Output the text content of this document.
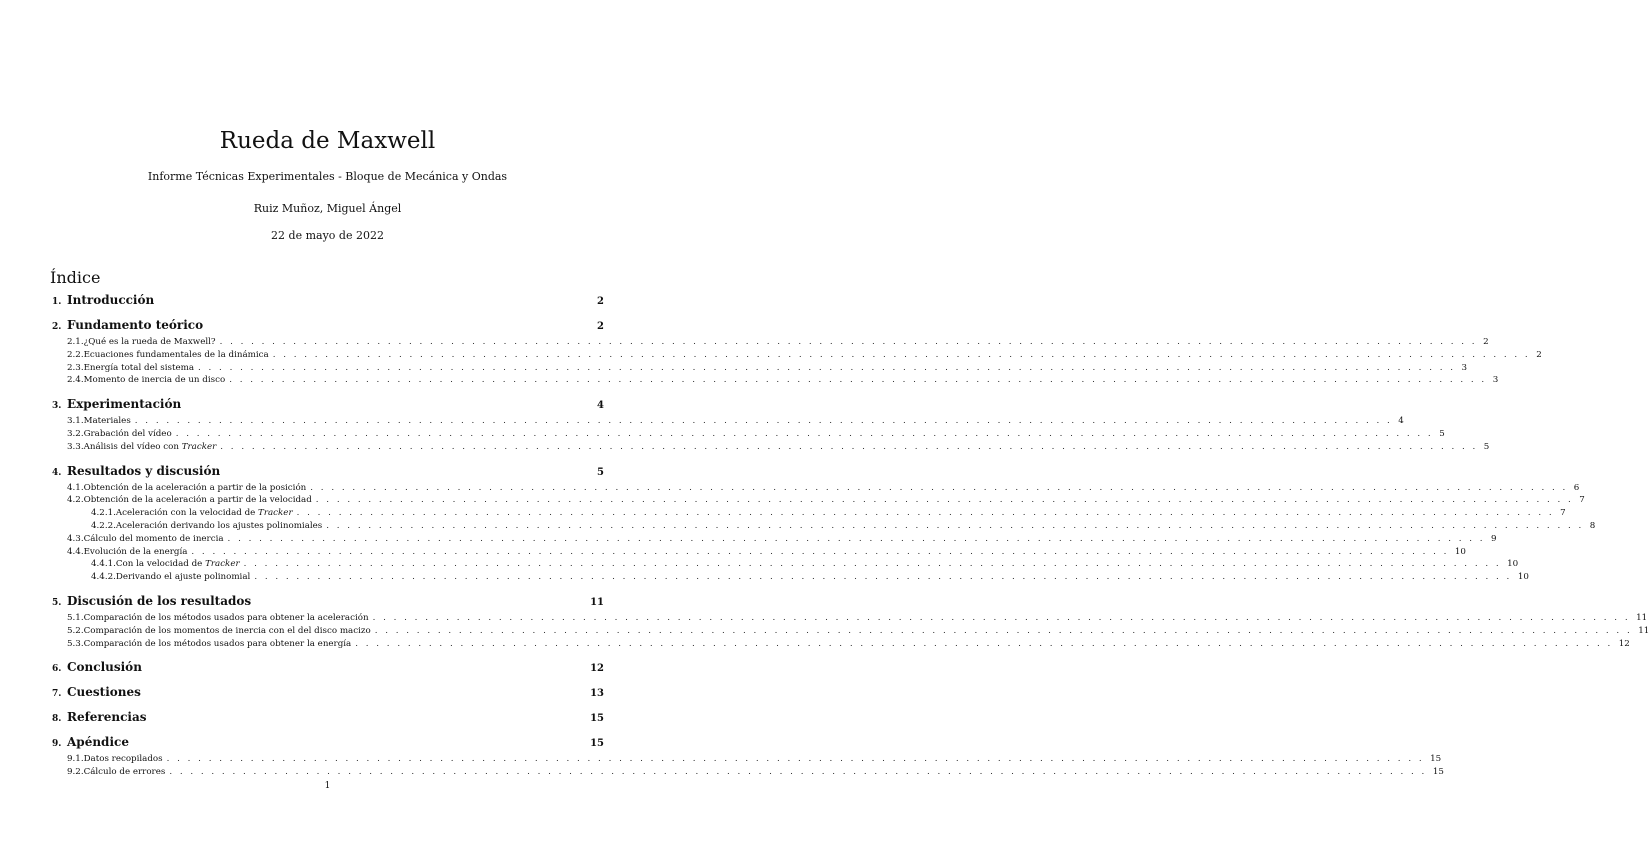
Rueda de Maxwell
Informe Técnicas Experimentales - Bloque de Mecánica y Ondas
Ruiz Muñoz, Miguel Ángel
22 de mayo de 2022
Índice
1. Introducción	2
2. Fundamento teórico	2
2.1. ¿Qué es la rueda de Maxwell? . . . . . . . . . . . . . . . . . . . . . . . . . . . . . . . . . . . . . . . . . . . . . . . . . . . . . . . . . . . . . . . . . . . . . . . . . . . . . . . . . . . . . . . . . . . . . . . . . . . . . . . . . . . . . . . . . . . . . . . . 2
2.2. Ecuaciones fundamentales de la dinámica . . . . . . . . . . . . . . . . . . . . . . . . . . . . . . . . . . . . . . . . . . . . . . . . . . . . . . . . . . . . . . . . . . . . . . . . . . . . . . . . . . . . . . . . . . . . . . . . . . . . . . . . . . . . . . . . . . . . . . . . 2
2.3. Energía total del sistema . . . . . . . . . . . . . . . . . . . . . . . . . . . . . . . . . . . . . . . . . . . . . . . . . . . . . . . . . . . . . . . . . . . . . . . . . . . . . . . . . . . . . . . . . . . . . . . . . . . . . . . . . . . . . . . . . . . . . . . . 3
2.4. Momento de inercia de un disco . . . . . . . . . . . . . . . . . . . . . . . . . . . . . . . . . . . . . . . . . . . . . . . . . . . . . . . . . . . . . . . . . . . . . . . . . . . . . . . . . . . . . . . . . . . . . . . . . . . . . . . . . . . . . . . . . . . . . . . . 3
3. Experimentación	4
3.1. Materiales . . . . . . . . . . . . . . . . . . . . . . . . . . . . . . . . . . . . . . . . . . . . . . . . . . . . . . . . . . . . . . . . . . . . . . . . . . . . . . . . . . . . . . . . . . . . . . . . . . . . . . . . . . . . . . . . . . . . . . . . 4
3.2. Grabación del vídeo . . . . . . . . . . . . . . . . . . . . . . . . . . . . . . . . . . . . . . . . . . . . . . . . . . . . . . . . . . . . . . . . . . . . . . . . . . . . . . . . . . . . . . . . . . . . . . . . . . . . . . . . . . . . . . . . . . . . . . . . 5
3.3. Análisis del vídeo con Tracker . . . . . . . . . . . . . . . . . . . . . . . . . . . . . . . . . . . . . . . . . . . . . . . . . . . . . . . . . . . . . . . . . . . . . . . . . . . . . . . . . . . . . . . . . . . . . . . . . . . . . . . . . . . . . . . . . . . . . . . . 5
4. Resultados y discusión	5
4.1. Obtención de la aceleración a partir de la posición . . . . . . . . . . . . . . . . . . . . . . . . . . . . . . . . . . . . . . . . . . . . . . . . . . . . . . . . . . . . . . . . . . . . . . . . . . . . . . . . . . . . . . . . . . . . . . . . . . . . . . . . . . . . . . . . . . . . . . . . 6
4.2. Obtención de la aceleración a partir de la velocidad . . . . . . . . . . . . . . . . . . . . . . . . . . . . . . . . . . . . . . . . . . . . . . . . . . . . . . . . . . . . . . . . . . . . . . . . . . . . . . . . . . . . . . . . . . . . . . . . . . . . . . . . . . . . . . . . . . . . . . . . 7
4.2.1. Aceleración con la velocidad de Tracker . . . . . . . . . . . . . . . . . . . . . . . . . . . . . . . . . . . . . . . . . . . . . . . . . . . . . . . . . . . . . . . . . . . . . . . . . . . . . . . . . . . . . . . . . . . . . . . . . . . . . . . . . . . . . . . . . . . . . . . . 7
4.2.2. Aceleración derivando los ajustes polinomiales . . . . . . . . . . . . . . . . . . . . . . . . . . . . . . . . . . . . . . . . . . . . . . . . . . . . . . . . . . . . . . . . . . . . . . . . . . . . . . . . . . . . . . . . . . . . . . . . . . . . . . . . . . . . . . . . . . . . . . . . 8
4.3. Cálculo del momento de inercia . . . . . . . . . . . . . . . . . . . . . . . . . . . . . . . . . . . . . . . . . . . . . . . . . . . . . . . . . . . . . . . . . . . . . . . . . . . . . . . . . . . . . . . . . . . . . . . . . . . . . . . . . . . . . . . . . . . . . . . . 9
4.4. Evolución de la energía . . . . . . . . . . . . . . . . . . . . . . . . . . . . . . . . . . . . . . . . . . . . . . . . . . . . . . . . . . . . . . . . . . . . . . . . . . . . . . . . . . . . . . . . . . . . . . . . . . . . . . . . . . . . . . . . . . . . . . . . 10
4.4.1. Con la velocidad de Tracker . . . . . . . . . . . . . . . . . . . . . . . . . . . . . . . . . . . . . . . . . . . . . . . . . . . . . . . . . . . . . . . . . . . . . . . . . . . . . . . . . . . . . . . . . . . . . . . . . . . . . . . . . . . . . . . . . . . . . . . . 10
4.4.2. Derivando el ajuste polinomial . . . . . . . . . . . . . . . . . . . . . . . . . . . . . . . . . . . . . . . . . . . . . . . . . . . . . . . . . . . . . . . . . . . . . . . . . . . . . . . . . . . . . . . . . . . . . . . . . . . . . . . . . . . . . . . . . . . . . . . . 10
5. Discusión de los resultados	11
5.1. Comparación de los métodos usados para obtener la aceleración . . . . . . . . . . . . . . . . . . . . . . . . . . . . . . . . . . . . . . . . . . . . . . . . . . . . . . . . . . . . . . . . . . . . . . . . . . . . . . . . . . . . . . . . . . . . . . . . . . . . . . . . . . . . . . . . . . . . . . . . 11
5.2. Comparación de los momentos de inercia con el del disco macizo . . . . . . . . . . . . . . . . . . . . . . . . . . . . . . . . . . . . . . . . . . . . . . . . . . . . . . . . . . . . . . . . . . . . . . . . . . . . . . . . . . . . . . . . . . . . . . . . . . . . . . . . . . . . . . . . . . . . . . . . 11
5.3. Comparación de los métodos usados para obtener la energía . . . . . . . . . . . . . . . . . . . . . . . . . . . . . . . . . . . . . . . . . . . . . . . . . . . . . . . . . . . . . . . . . . . . . . . . . . . . . . . . . . . . . . . . . . . . . . . . . . . . . . . . . . . . . . . . . . . . . . . . 12
6. Conclusión	12
7. Cuestiones	13
8. Referencias	15
9. Apéndice	15
9.1. Datos recopilados . . . . . . . . . . . . . . . . . . . . . . . . . . . . . . . . . . . . . . . . . . . . . . . . . . . . . . . . . . . . . . . . . . . . . . . . . . . . . . . . . . . . . . . . . . . . . . . . . . . . . . . . . . . . . . . . . . . . . . . . 15
9.2. Cálculo de errores . . . . . . . . . . . . . . . . . . . . . . . . . . . . . . . . . . . . . . . . . . . . . . . . . . . . . . . . . . . . . . . . . . . . . . . . . . . . . . . . . . . . . . . . . . . . . . . . . . . . . . . . . . . . . . . . . . . . . . . . 15
1
